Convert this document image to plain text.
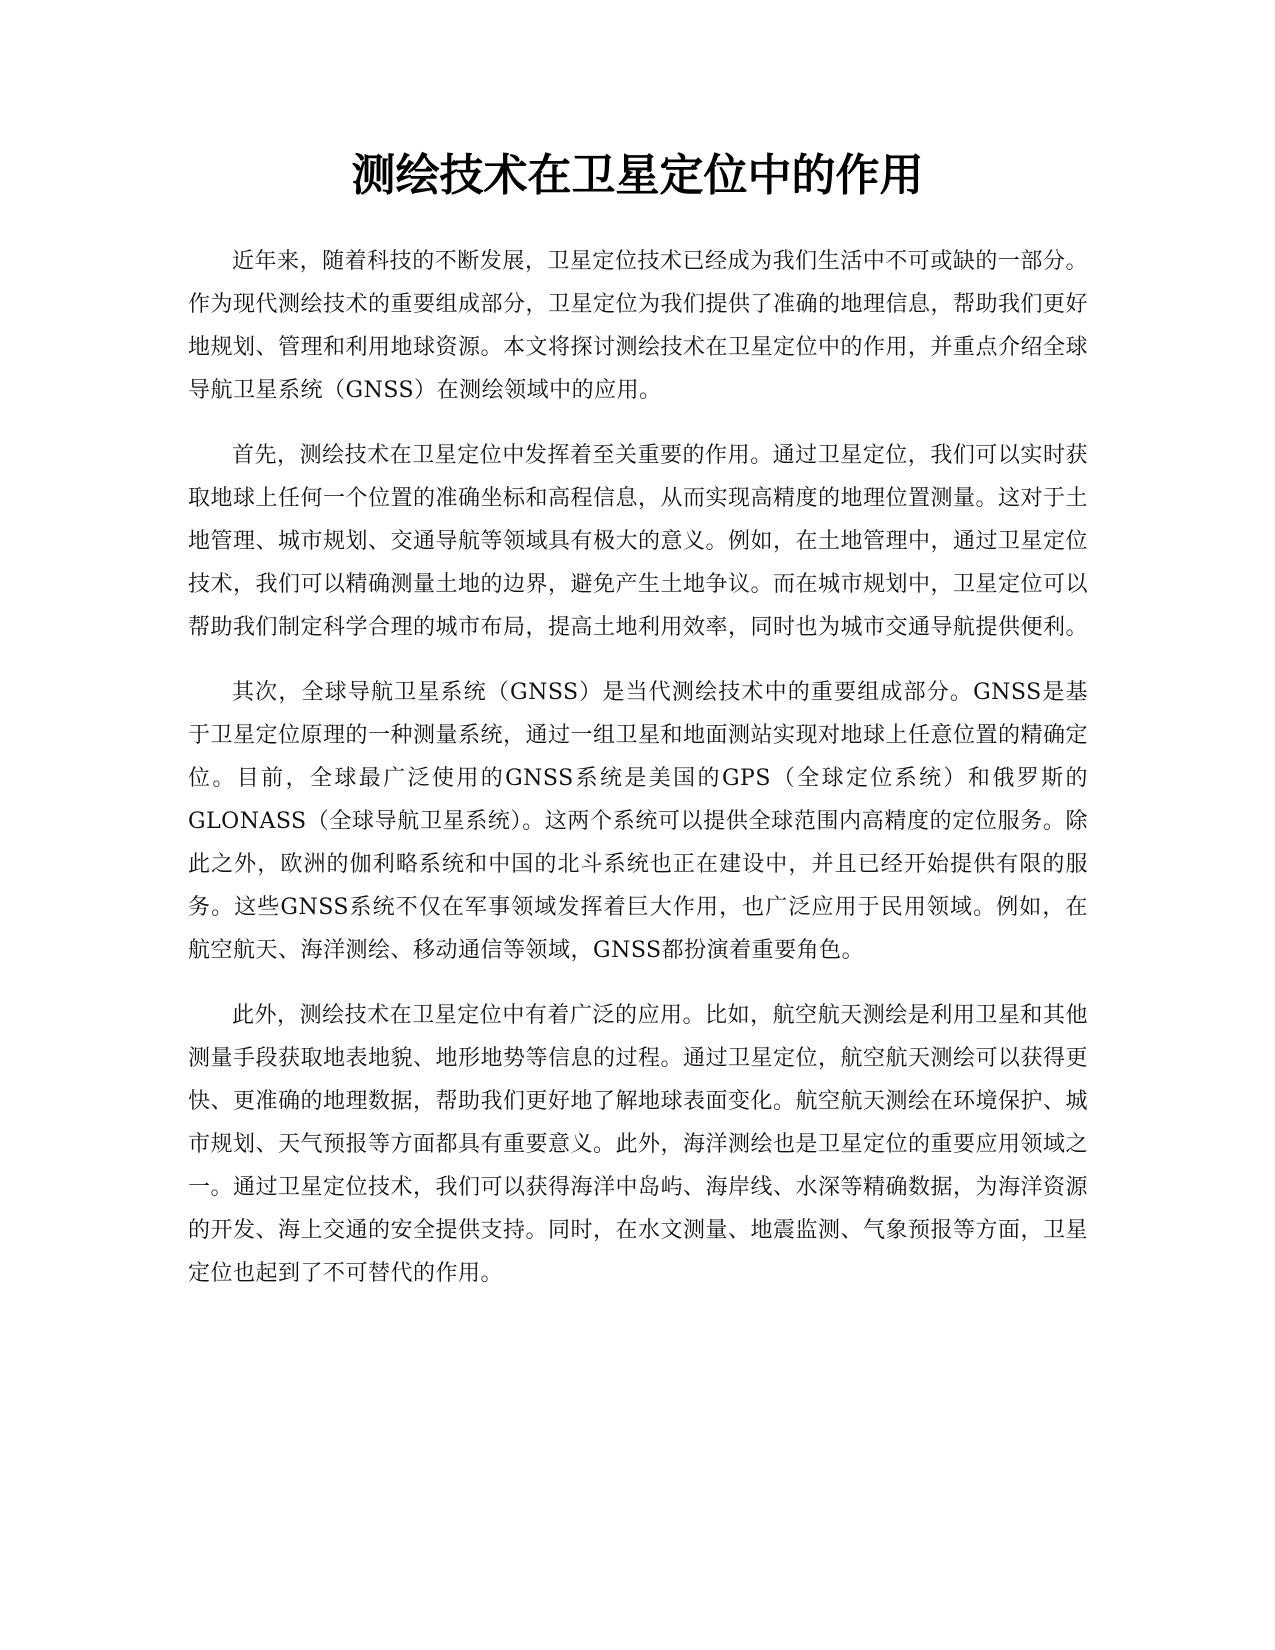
测绘技术在卫星定位中的作用

近年来，随着科技的不断发展，卫星定位技术已经成为我们生活中不可或缺的一部分。作为现代测绘技术的重要组成部分，卫星定位为我们提供了准确的地理信息，帮助我们更好地规划、管理和利用地球资源。本文将探讨测绘技术在卫星定位中的作用，并重点介绍全球导航卫星系统（GNSS）在测绘领域中的应用。

首先，测绘技术在卫星定位中发挥着至关重要的作用。通过卫星定位，我们可以实时获取地球上任何一个位置的准确坐标和高程信息，从而实现高精度的地理位置测量。这对于土地管理、城市规划、交通导航等领域具有极大的意义。例如，在土地管理中，通过卫星定位技术，我们可以精确测量土地的边界，避免产生土地争议。而在城市规划中，卫星定位可以帮助我们制定科学合理的城市布局，提高土地利用效率，同时也为城市交通导航提供便利。

其次，全球导航卫星系统（GNSS）是当代测绘技术中的重要组成部分。GNSS是基于卫星定位原理的一种测量系统，通过一组卫星和地面测站实现对地球上任意位置的精确定位。目前，全球最广泛使用的GNSS系统是美国的GPS（全球定位系统）和俄罗斯的GLONASS（全球导航卫星系统）。这两个系统可以提供全球范围内高精度的定位服务。除此之外，欧洲的伽利略系统和中国的北斗系统也正在建设中，并且已经开始提供有限的服务。这些GNSS系统不仅在军事领域发挥着巨大作用，也广泛应用于民用领域。例如，在航空航天、海洋测绘、移动通信等领域，GNSS都扮演着重要角色。

此外，测绘技术在卫星定位中有着广泛的应用。比如，航空航天测绘是利用卫星和其他测量手段获取地表地貌、地形地势等信息的过程。通过卫星定位，航空航天测绘可以获得更快、更准确的地理数据，帮助我们更好地了解地球表面变化。航空航天测绘在环境保护、城市规划、天气预报等方面都具有重要意义。此外，海洋测绘也是卫星定位的重要应用领域之一。通过卫星定位技术，我们可以获得海洋中岛屿、海岸线、水深等精确数据，为海洋资源的开发、海上交通的安全提供支持。同时，在水文测量、地震监测、气象预报等方面，卫星定位也起到了不可替代的作用。
